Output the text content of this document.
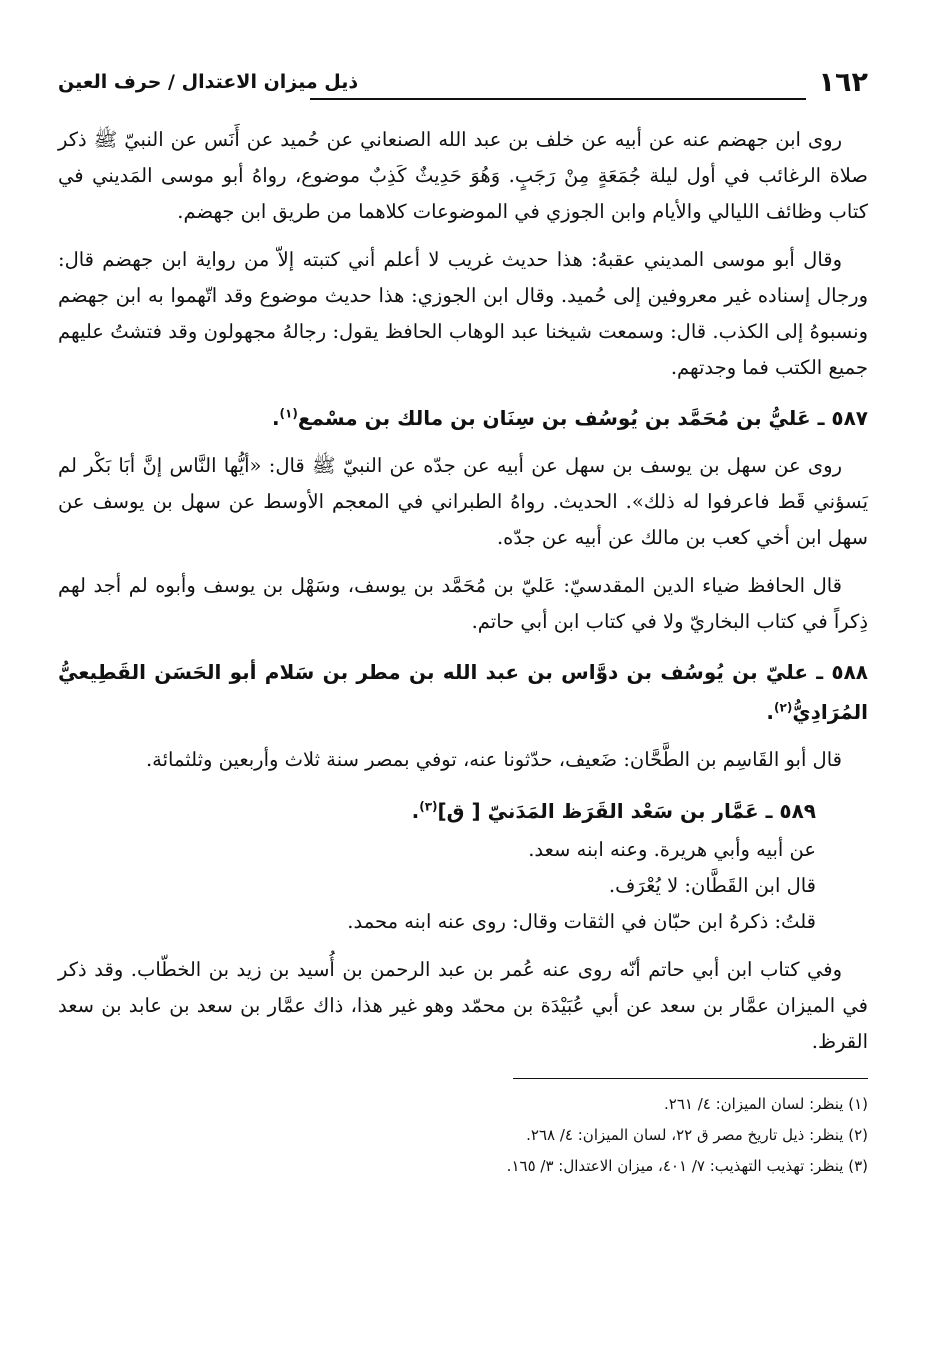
١٦٢
ذيل ميزان الاعتدال / حرف العين

روى ابن جهضم عنه عن أبيه عن خلف بن عبد الله الصنعاني عن حُميد عن أَنَس عن النبيّ ﷺ ذكر صلاة الرغائب في أول ليلة جُمَعَةٍ مِنْ رَجَبٍ. وَهُوَ حَدِيثٌ كَذِبٌ موضوع، رواهُ أبو موسى المَديني في كتاب وظائف الليالي والأيام وابن الجوزي في الموضوعات كلاهما من طريق ابن جهضم.

وقال أبو موسى المديني عقبهُ: هذا حديث غريب لا أعلم أني كتبته إلاّ من رواية ابن جهضم قال: ورجال إسناده غير معروفين إلى حُميد. وقال ابن الجوزي: هذا حديث موضوع وقد اتّهموا به ابن جهضم ونسبوهُ إلى الكذب. قال: وسمعت شيخنا عبد الوهاب الحافظ يقول: رجالهُ مجهولون وقد فتشتُ عليهم جميع الكتب فما وجدتهم.

٥٨٧ ـ عَليُّ بن مُحَمَّد بن يُوسُف بن سِنَان بن مالك بن مسْمع$^{(١)}$.

روى عن سهل بن يوسف بن سهل عن أبيه عن جدّه عن النبيّ ﷺ قال: «أيُّها النَّاس إنَّ أبَا بَكْر لم يَسؤني قَط فاعرفوا له ذلك». الحديث. رواهُ الطبراني في المعجم الأوسط عن سهل بن يوسف عن سهل ابن أخي كعب بن مالك عن أبيه عن جدّه.

قال الحافظ ضياء الدين المقدسيّ: عَليّ بن مُحَمَّد بن يوسف، وسَهْل بن يوسف وأبوه لم أجد لهم ذِكراً في كتاب البخاريّ ولا في كتاب ابن أبي حاتم.

٥٨٨ ـ عليّ بن يُوسُف بن دوَّاس بن عبد الله بن مطر بن سَلام أبو الحَسَن القَطِيعيُّ المُرَادِيُّ$^{(٢)}$.

قال أبو القَاسِم بن الطَّحَّان: ضَعيف، حدّثونا عنه، توفي بمصر سنة ثلاث وأربعين وثلثمائة.

٥٨٩ ـ عَمَّار بن سَعْد القَرَظ المَدَنيّ [ ق]$^{(٣)}$.

عن أبيه وأبي هريرة. وعنه ابنه سعد.

قال ابن القَطَّان: لا يُعْرَف.

قلتُ: ذكرهُ ابن حبّان في الثقات وقال: روى عنه ابنه محمد.

وفي كتاب ابن أبي حاتم أنّه روى عنه عُمر بن عبد الرحمن بن أُسيد بن زيد بن الخطّاب. وقد ذكر في الميزان عمَّار بن سعد عن أبي عُبَيْدَة بن محمّد وهو غير هذا، ذاك عمَّار بن سعد بن عابد بن سعد القرظ.

(١) ينظر: لسان الميزان: ٤/ ٢٦١.

(٢) ينظر: ذيل تاريخ مصر ق ٢٢، لسان الميزان: ٤/ ٢٦٨.

(٣) ينظر: تهذيب التهذيب: ٧/ ٤٠١، ميزان الاعتدال: ٣/ ١٦٥.
